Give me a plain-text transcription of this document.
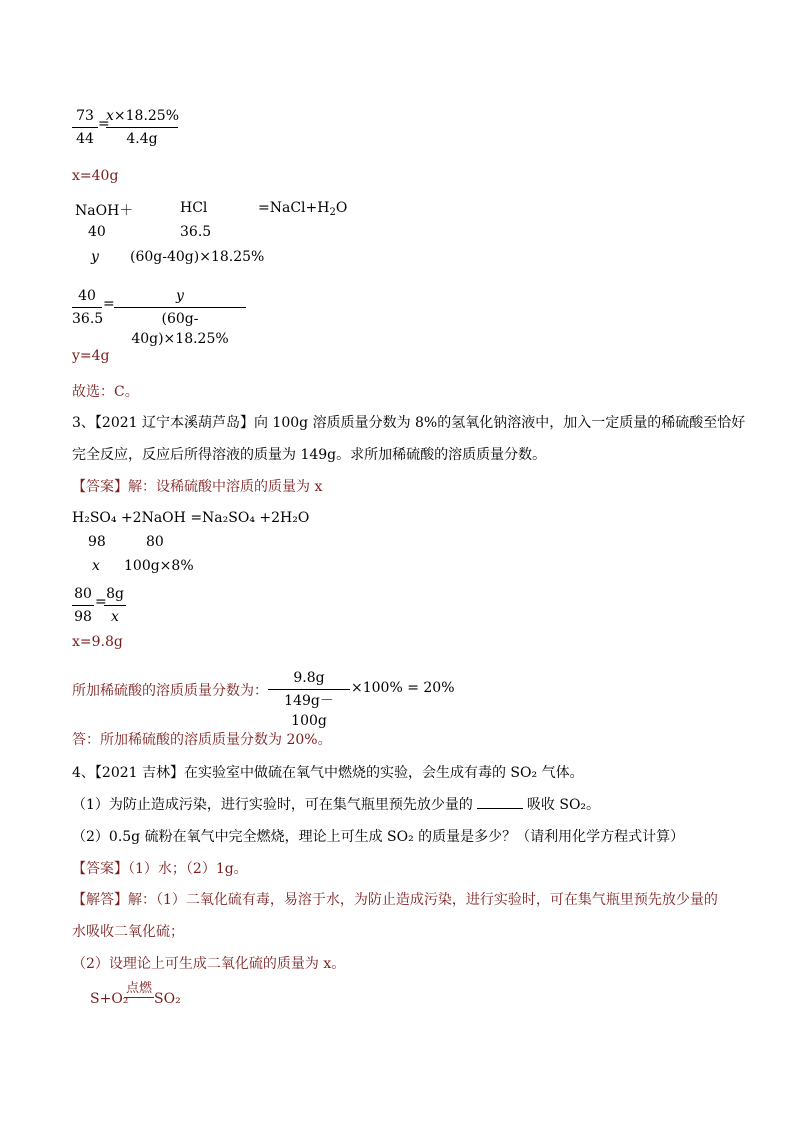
73
44
=
x×18.25%
4.4g
x=40g
NaOH＋	HCl	$=NaCl+H_2O$
40	36.5
y (60g-40g)×18.25%
40
36.5
=	y
(60g-40g)×18.25%
y=4g
故选：C。
3、【2021 辽宁本溪葫芦岛】向 100g 溶质质量分数为 8%的氢氧化钠溶液中，加入一定质量的稀硫酸至恰好
完全反应，反应后所得溶液的质量为 149g。求所加稀硫酸的溶质质量分数。
【答案】解：设稀硫酸中溶质的质量为 x
H₂SO₄ +2NaOH =Na₂SO₄ +2H₂O
98	80
x 100g×8%
80
98
= 8g
x
x=9.8g
所加稀硫酸的溶质质量分数为：
9.8g
149g－100g
×100% = 20%
答：所加稀硫酸的溶质质量分数为 20%。
4、【2021 吉林】在实验室中做硫在氧气中燃烧的实验，会生成有毒的 SO₂ 气体。
（1）为防止造成污染，进行实验时，可在集气瓶里预先放少量的	吸收 SO₂。
（2）0.5g 硫粉在氧气中完全燃烧，理论上可生成 SO₂ 的质量是多少？（请利用化学方程式计算）
【答案】（1）水；（2）1g。
【解答】解：（1）二氧化硫有毒，易溶于水，为防止造成污染，进行实验时，可在集气瓶里预先放少量的
水吸收二氧化硫；
（2）设理论上可生成二氧化硫的质量为 x。
S+O₂
点燃
SO₂
